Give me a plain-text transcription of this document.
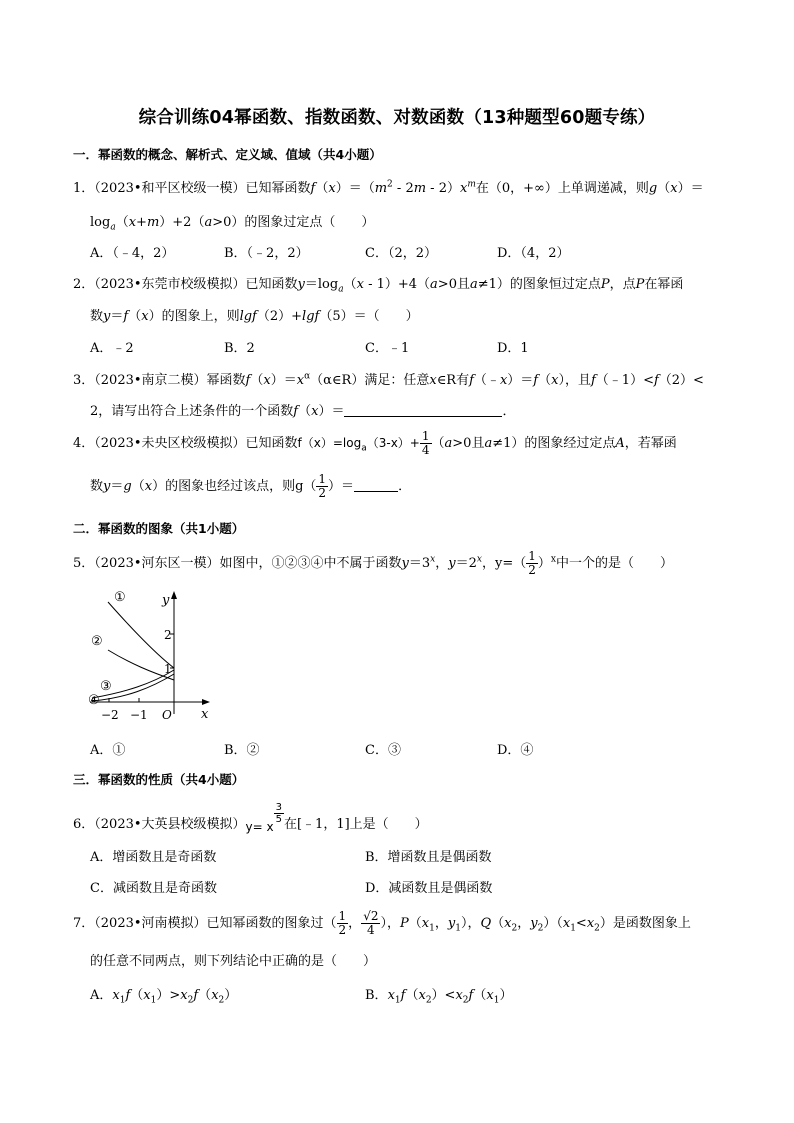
综合训练04幂函数、指数函数、对数函数（13种题型60题专练）
一．幂函数的概念、解析式、定义域、值域（共4小题）
1．（2023•和平区校级一模）已知幂函数$f(x)=(m^2 - 2m - 2)x^m$在（0，+∞）上单调递减，则g（x）＝
$\log_a(x+m)+2(a>0)$的图象过定点（　　）
A．（﹣4，2）	B．（﹣2，2）	C．（2，2）	D．（4，2）
2．（2023•东莞市校级模拟）已知函数$y=\log_a(x - 1)+4(a>0$且a≠1）的图象恒过定点P，点P在幂函
数y＝f（x）的图象上，则lgf（2）+lgf（5）＝（　　）
A．﹣2	B．2	C．﹣1	D．1
3．（2023•南京二模）幂函数$f(x)=x^\alpha(\alpha\in R)$满足：任意x∈R有f（﹣x）＝f（x），且f（﹣1）<f（2）<
2，请写出符合上述条件的一个函数f（x）＝	．
4．（2023•未央区校级模拟）已知函数$f(x)=\log_a(3-x)+ \frac{1}{4} (a>0$且a≠1）的图象经过定点A，若幂函
数y＝g（x）的图象也经过该点，则$g( \frac{1}{2}$ ）＝	．
二．幂函数的图象（共1小题）
5．（2023•河东区一模）如图中，①②③④中不属于函数$y=3^x$，$y=2^x$，$y=( \frac{1}{2} )^x$中一个的是（　　）
①
②
③
④
−2 −1 O
1
2
x
y
A．①	B．②	C．③	D．④
三．幂函数的性质（共4小题）
6．（2023•大英县校级模拟）y= x
$\frac{3}{5}$ 在[﹣1，1]上是（　　）
A．增函数且是奇函数	B．增函数且是偶函数
C．减函数且是奇函数	D．减函数且是偶函数
7．（2023•河南模拟）已知幂函数的图象过（ $\frac{1}{2}$ ， $\frac{√2}{4}$ ），$P(x_1$，$y_1$），$Q(x_2$，$y_2)(x_1<x_2)$是函数图象上
的任意不同两点，则下列结论中正确的是（　　）
A．$x_1f(x_1)>x_2f(x_2)$	B．$x_1f(x_2)<x_2f(x_1)$
